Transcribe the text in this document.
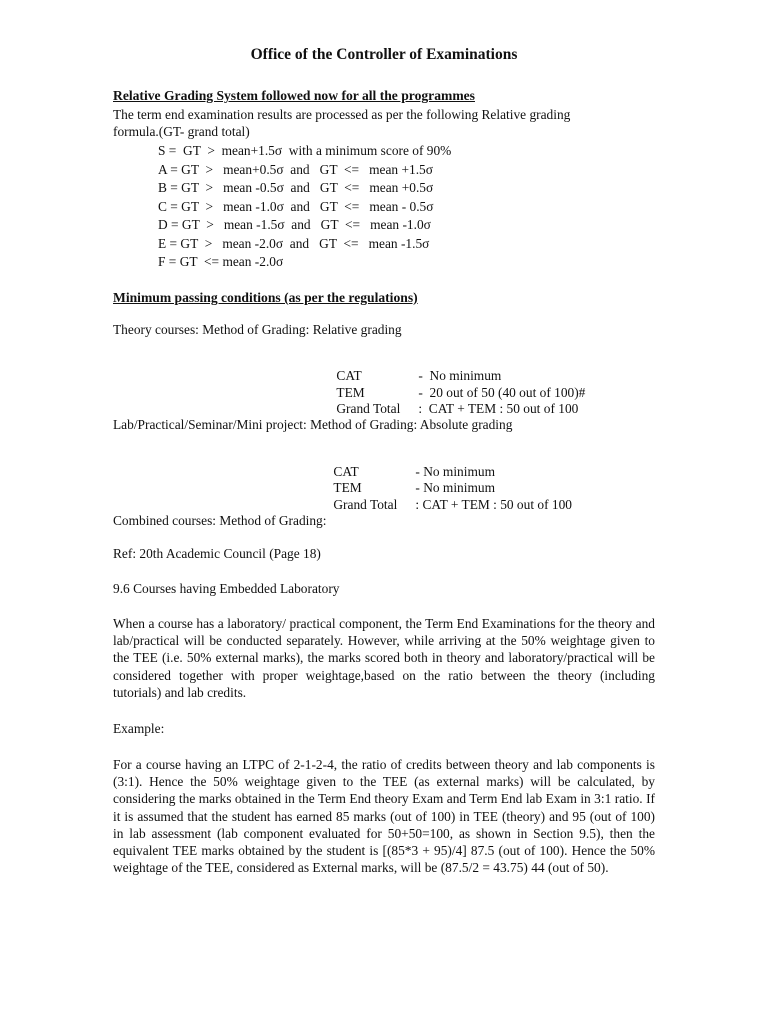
Office of the Controller of Examinations
Relative Grading System followed now for all the programmes
The term end examination results are processed as per the following Relative grading
formula.(GT- grand total)
S =  GT  >  mean+1.5σ  with a minimum score of 90%
A = GT  >   mean+0.5σ  and   GT  <=   mean +1.5σ
B = GT  >   mean -0.5σ  and   GT  <=   mean +0.5σ
C = GT  >   mean -1.0σ  and   GT  <=   mean - 0.5σ
D = GT  >   mean -1.5σ  and   GT  <=   mean -1.0σ
E = GT  >   mean -2.0σ  and   GT  <=   mean -1.5σ
F = GT  <= mean -2.0σ
Minimum passing conditions (as per the regulations)
Theory courses: Method of Grading: Relative grading

CAT	-  No minimum

TEM	-  20 out of 50 (40 out of 100)#

Grand Total :  CAT + TEM : 50 out of 100

Lab/Practical/Seminar/Mini project: Method of Grading: Absolute grading

CAT	- No minimum

TEM	- No minimum

Grand Total : CAT + TEM : 50 out of 100

Combined courses: Method of Grading:
Ref: 20th Academic Council (Page 18)
9.6 Courses having Embedded Laboratory
When a course has a laboratory/ practical component, the Term End Examinations for the theory and lab/practical will be conducted separately. However, while arriving at the 50% weightage given to the TEE (i.e. 50% external marks), the marks scored both in theory and laboratory/practical will be considered together with proper weightage,based on the ratio between the theory (including tutorials) and lab credits.
Example:
For a course having an LTPC of 2-1-2-4, the ratio of credits between theory and lab components is (3:1). Hence the 50% weightage given to the TEE (as external marks) will be calculated, by considering the marks obtained in the Term End theory Exam and Term End lab Exam in 3:1 ratio. If it is assumed that the student has earned 85 marks (out of 100) in TEE (theory) and 95 (out of 100) in lab assessment (lab component evaluated for 50+50=100, as shown in Section 9.5), then the equivalent TEE marks obtained by the student is [(85*3 + 95)/4] 87.5 (out of 100). Hence the 50% weightage of the TEE, considered as External marks, will be (87.5/2 = 43.75) 44 (out of 50).
